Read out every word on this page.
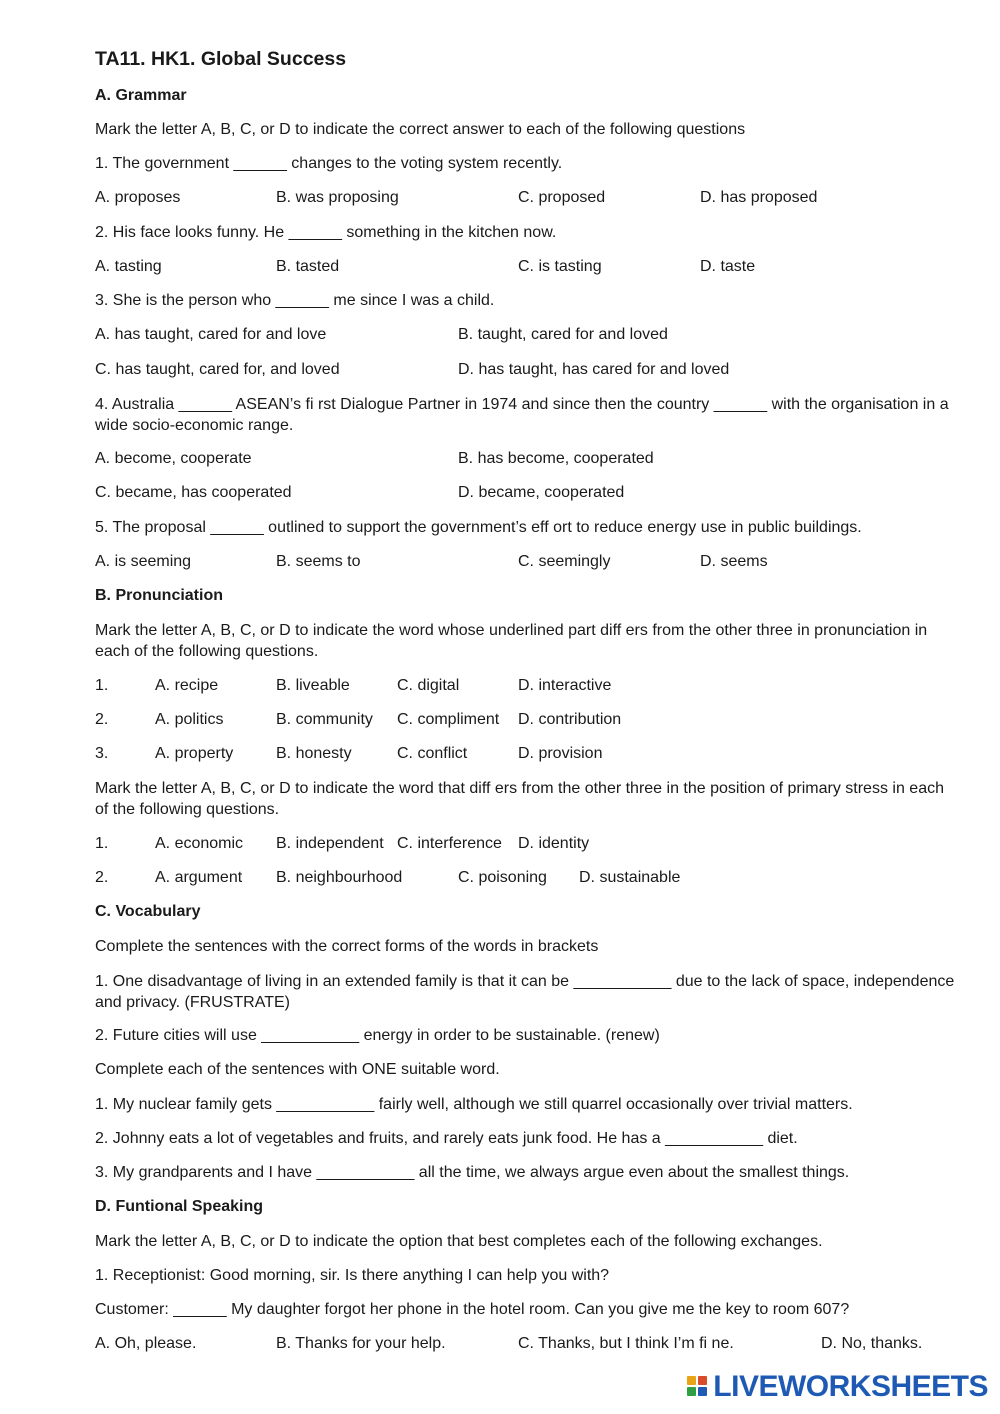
TA11. HK1. Global Success
A. Grammar
Mark the letter A, B, C, or D to indicate the correct answer to each of the following questions
1. The government ______ changes to the voting system recently.
A. proposes	B. was proposing	C. proposed	D. has proposed
2. His face looks funny. He ______ something in the kitchen now.
A. tasting	B. tasted	C. is tasting	D. taste
3. She is the person who ______ me since I was a child.
A. has taught, cared for and love	B. taught, cared for and loved
C. has taught, cared for, and loved	D. has taught, has cared for and loved
4. Australia ______ ASEAN’s fi rst Dialogue Partner in 1974 and since then the country ______ with the organisation in a wide socio-economic range.
A. become, cooperate	B. has become, cooperated
C. became, has cooperated	D. became, cooperated
5. The proposal ______ outlined to support the government’s eff ort to reduce energy use in public buildings.
A. is seeming	B. seems to	C. seemingly	D. seems
B. Pronunciation
Mark the letter A, B, C, or D to indicate the word whose underlined part diff ers from the other three in pronunciation in each of the following questions.
1.	A. recipe	B. liveable	C. digital	D. interactive
2.	A. politics	B. community C. compliment D. contribution
3.	A. property	B. honesty	C. conflict	D. provision
Mark the letter A, B, C, or D to indicate the word that diff ers from the other three in the position of primary stress in each of the following questions.
1.	A. economic B. independent C. interference D. identity
2.	A. argument B. neighbourhood	C. poisoning D. sustainable
C. Vocabulary
Complete the sentences with the correct forms of the words in brackets
1. One disadvantage of living in an extended family is that it can be ___________ due to the lack of space, independence and privacy. (FRUSTRATE)
2. Future cities will use ___________ energy in order to be sustainable. (renew)
Complete each of the sentences with ONE suitable word.
1. My nuclear family gets ___________ fairly well, although we still quarrel occasionally over trivial matters.
2. Johnny eats a lot of vegetables and fruits, and rarely eats junk food. He has a ___________ diet.
3. My grandparents and I have ___________ all the time, we always argue even about the smallest things.
D. Funtional Speaking
Mark the letter A, B, C, or D to indicate the option that best completes each of the following exchanges.
1. Receptionist: Good morning, sir. Is there anything I can help you with?
Customer: ______ My daughter forgot her phone in the hotel room. Can you give me the key to room 607?
A. Oh, please.	B. Thanks for your help.	C. Thanks, but I think I’m fi ne.	D. No, thanks.
LIVEWORKSHEETS
